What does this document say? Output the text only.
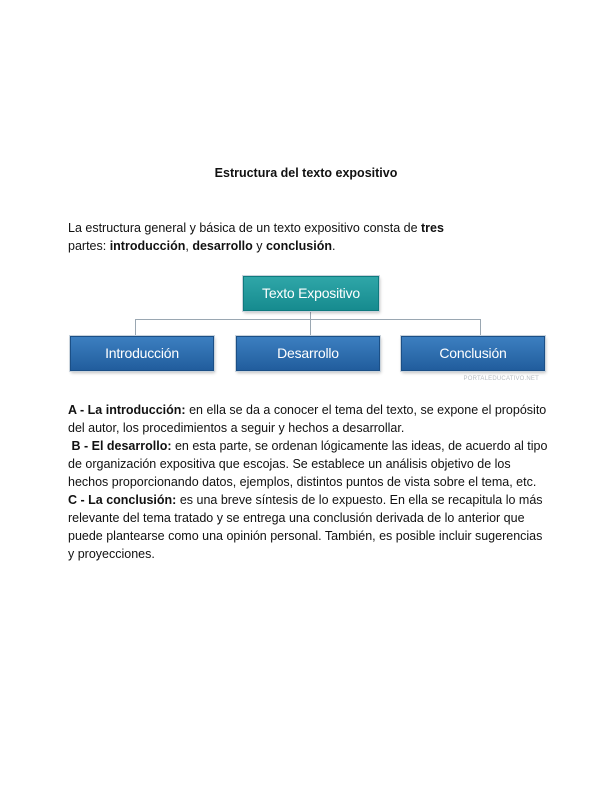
Estructura del texto expositivo
La estructura general y básica de un texto expositivo consta de tres partes: introducción, desarrollo y conclusión.
Texto Expositivo
Introducción	Desarrollo	Conclusión
PORTALEDUCATIVO.NET

A - La introducción: en ella se da a conocer el tema del texto, se expone el propósito del autor, los procedimientos a seguir y hechos a desarrollar.

B - El desarrollo: en esta parte, se ordenan lógicamente las ideas, de acuerdo al tipo de organización expositiva que escojas. Se establece un análisis objetivo de los hechos proporcionando datos, ejemplos, distintos puntos de vista sobre el tema, etc.

C - La conclusión: es una breve síntesis de lo expuesto. En ella se recapitula lo más relevante del tema tratado y se entrega una conclusión derivada de lo anterior que puede plantearse como una opinión personal. También, es posible incluir sugerencias y proyecciones.
